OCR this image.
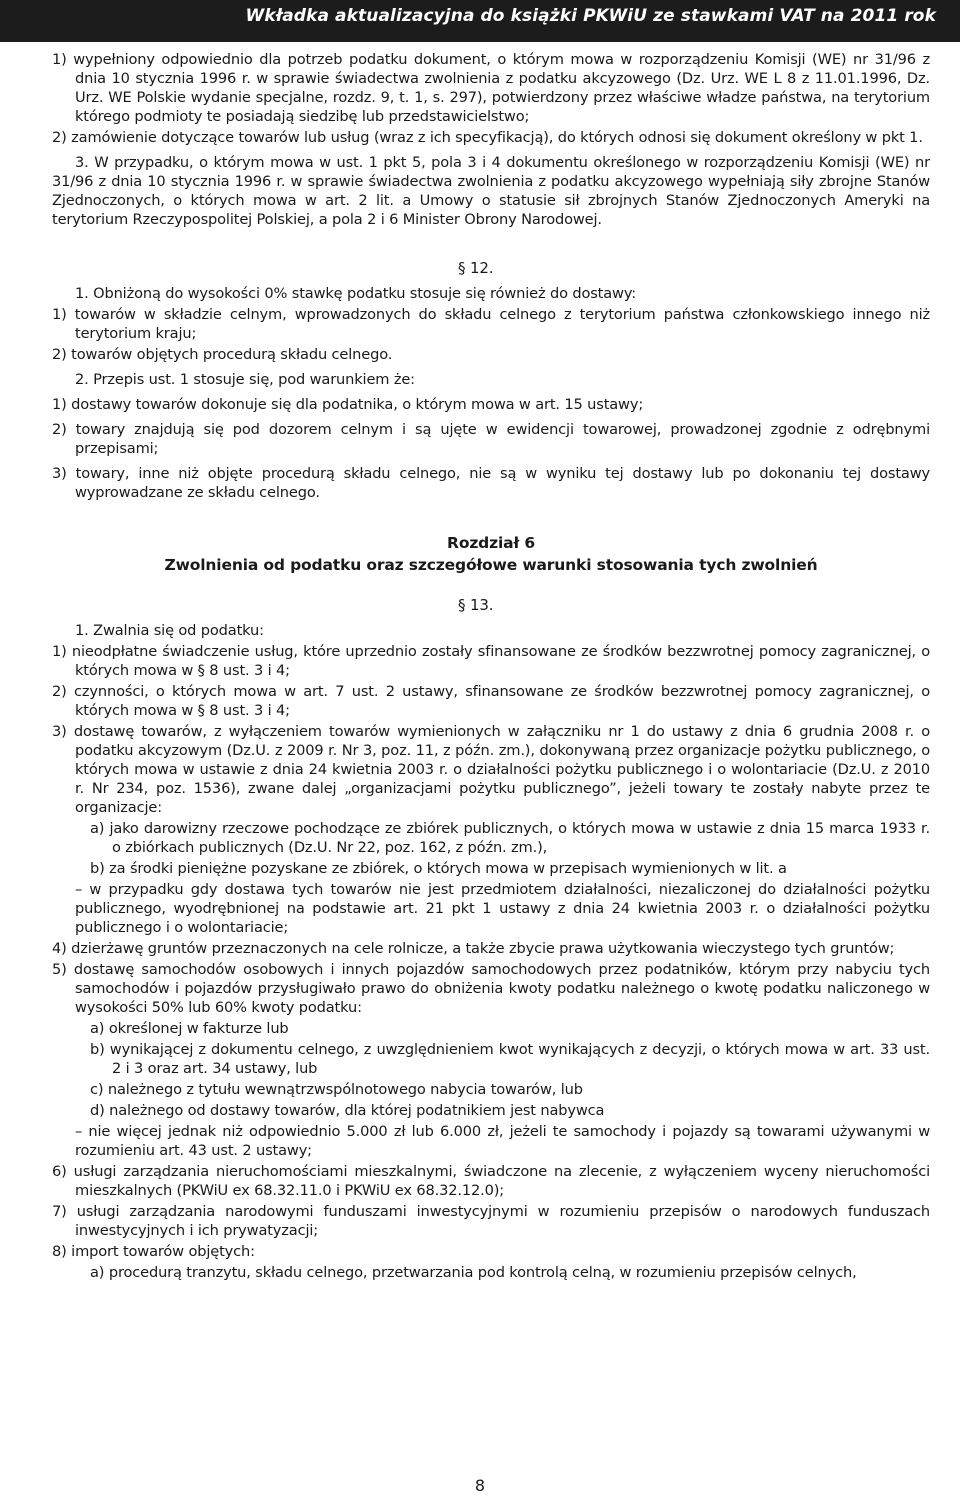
Wkładka aktualizacyjna do książki PKWiU ze stawkami VAT na 2011 rok

1) wypełniony odpowiednio dla potrzeb podatku dokument, o którym mowa w rozporządzeniu Komisji (WE) nr 31/96 z dnia 10 stycznia 1996 r. w sprawie świadectwa zwolnienia z podatku akcyzowego (Dz. Urz. WE L 8 z 11.01.1996, Dz. Urz. WE Polskie wydanie specjalne, rozdz. 9, t. 1, s. 297), potwierdzony przez właściwe władze państwa, na terytorium którego podmioty te posiadają siedzibę lub przedstawicielstwo;

2) zamówienie dotyczące towarów lub usług (wraz z ich specyfikacją), do których odnosi się dokument określony w pkt 1.

3. W przypadku, o którym mowa w ust. 1 pkt 5, pola 3 i 4 dokumentu określonego w rozporządzeniu Komisji (WE) nr 31/96 z dnia 10 stycznia 1996 r. w sprawie świadectwa zwolnienia z podatku akcyzowego wypełniają siły zbrojne Stanów Zjednoczonych, o których mowa w art. 2 lit. a Umowy o statusie sił zbrojnych Stanów Zjednoczonych Ameryki na terytorium Rzeczypospolitej Polskiej, a pola 2 i 6 Minister Obrony Narodowej.

§ 12.

1. Obniżoną do wysokości 0% stawkę podatku stosuje się również do dostawy:

1) towarów w składzie celnym, wprowadzonych do składu celnego z terytorium państwa członkowskiego innego niż terytorium kraju;

2) towarów objętych procedurą składu celnego.

2. Przepis ust. 1 stosuje się, pod warunkiem że:

1) dostawy towarów dokonuje się dla podatnika, o którym mowa w art. 15 ustawy;

2) towary znajdują się pod dozorem celnym i są ujęte w ewidencji towarowej, prowadzonej zgodnie z odrębnymi przepisami;

3) towary, inne niż objęte procedurą składu celnego, nie są w wyniku tej dostawy lub po dokonaniu tej dostawy wyprowadzane ze składu celnego.

Rozdział 6

Zwolnienia od podatku oraz szczegółowe warunki stosowania tych zwolnień

§ 13.

1. Zwalnia się od podatku:

1) nieodpłatne świadczenie usług, które uprzednio zostały sfinansowane ze środków bezzwrotnej pomocy zagranicznej, o których mowa w § 8 ust. 3 i 4;

2) czynności, o których mowa w art. 7 ust. 2 ustawy, sfinansowane ze środków bezzwrotnej pomocy zagranicznej, o których mowa w § 8 ust. 3 i 4;

3) dostawę towarów, z wyłączeniem towarów wymienionych w załączniku nr 1 do ustawy z dnia 6 grudnia 2008 r. o podatku akcyzowym (Dz.U. z 2009 r. Nr 3, poz. 11, z późn. zm.), dokonywaną przez organizacje pożytku publicznego, o których mowa w ustawie z dnia 24 kwietnia 2003 r. o działalności pożytku publicznego i o wolontariacie (Dz.U. z 2010 r. Nr 234, poz. 1536), zwane dalej „organizacjami pożytku publicznego”, jeżeli towary te zostały nabyte przez te organizacje:

a) jako darowizny rzeczowe pochodzące ze zbiórek publicznych, o których mowa w ustawie z dnia 15 marca 1933 r. o zbiórkach publicznych (Dz.U. Nr 22, poz. 162, z późn. zm.),

b) za środki pieniężne pozyskane ze zbiórek, o których mowa w przepisach wymienionych w lit. a

– w przypadku gdy dostawa tych towarów nie jest przedmiotem działalności, niezaliczonej do działalności pożytku publicznego, wyodrębnionej na podstawie art. 21 pkt 1 ustawy z dnia 24 kwietnia 2003 r. o działalności pożytku publicznego i o wolontariacie;

4) dzierżawę gruntów przeznaczonych na cele rolnicze, a także zbycie prawa użytkowania wieczystego tych gruntów;

5) dostawę samochodów osobowych i innych pojazdów samochodowych przez podatników, którym przy nabyciu tych samochodów i pojazdów przysługiwało prawo do obniżenia kwoty podatku należnego o kwotę podatku naliczonego w wysokości 50% lub 60% kwoty podatku:

a) określonej w fakturze lub

b) wynikającej z dokumentu celnego, z uwzględnieniem kwot wynikających z decyzji, o których mowa w art. 33 ust. 2 i 3 oraz art. 34 ustawy, lub

c) należnego z tytułu wewnątrzwspólnotowego nabycia towarów, lub

d) należnego od dostawy towarów, dla której podatnikiem jest nabywca

– nie więcej jednak niż odpowiednio 5.000 zł lub 6.000 zł, jeżeli te samochody i pojazdy są towarami używanymi w rozumieniu art. 43 ust. 2 ustawy;

6) usługi zarządzania nieruchomościami mieszkalnymi, świadczone na zlecenie, z wyłączeniem wyceny nieruchomości mieszkalnych (PKWiU ex 68.32.11.0 i PKWiU ex 68.32.12.0);

7) usługi zarządzania narodowymi funduszami inwestycyjnymi w rozumieniu przepisów o narodowych funduszach inwestycyjnych i ich prywatyzacji;

8) import towarów objętych:

a) procedurą tranzytu, składu celnego, przetwarzania pod kontrolą celną, w rozumieniu przepisów celnych,

8
